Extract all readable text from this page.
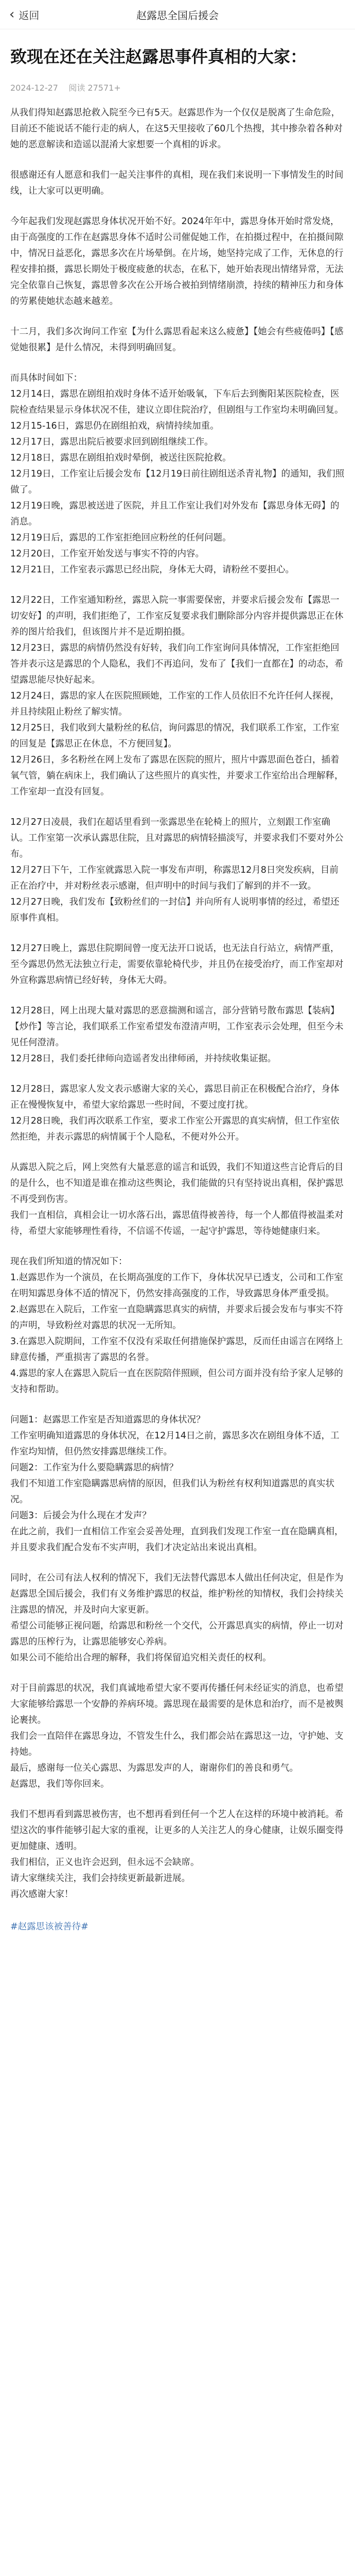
‹ 返回	赵露思全国后援会
致现在还在关注赵露思事件真相的大家：
2024-12-27 阅读 27571+

从我们得知赵露思抢救入院至今已有5天。赵露思作为一个仅仅是脱离了生命危险，目前还不能说话不能行走的病人，在这5天里接收了60几个热搜，其中掺杂着各种对她的恶意解读和造谣以混淆大家想要一个真相的诉求。

很感谢还有人愿意和我们一起关注事件的真相，现在我们来说明一下事情发生的时间线，让大家可以更明确。

今年起我们发现赵露思身体状况开始不好。2024年年中，露思身体开始时常发烧，由于高强度的工作在赵露思身体不适时公司催促她工作，在拍摄过程中，在拍摄间隙中，情况日益恶化，露思多次在片场晕倒。在片场，她坚持完成了工作，无休息的行程安排拍摄，露思长期处于极度疲惫的状态，在私下，她开始表现出情绪异常，无法完全依靠自己恢复，露思曾多次在公开场合被拍到情绪崩溃，持续的精神压力和身体的劳累使她状态越来越差。

十二月，我们多次询问工作室【为什么露思看起来这么疲惫】【她会有些疲倦吗】【感觉她很累】是什么情况，未得到明确回复。

而具体时间如下：
12月14日，露思在剧组拍戏时身体不适开始吸氧，下车后去到衡阳某医院检查，医院检查结果显示身体状况不佳，建议立即住院治疗，但剧组与工作室均未明确回复。
12月15-16日，露思仍在剧组拍戏，病情持续加重。
12月17日，露思出院后被要求回到剧组继续工作。
12月18日，露思在剧组拍戏时晕倒，被送往医院抢救。
12月19日，工作室让后援会发布【12月19日前往剧组送杀青礼物】的通知，我们照做了。
12月19日晚，露思被送进了医院，并且工作室让我们对外发布【露思身体无碍】的消息。
12月19日后，露思的工作室拒绝回应粉丝的任何问题。
12月20日，工作室开始发送与事实不符的内容。
12月21日，工作室表示露思已经出院，身体无大碍，请粉丝不要担心。

12月22日，工作室通知粉丝，露思入院一事需要保密，并要求后援会发布【露思一切安好】的声明，我们拒绝了，工作室反复要求我们删除部分内容并提供露思正在休养的图片给我们，但该图片并不是近期拍摄。
12月23日，露思的病情仍然没有好转，我们向工作室询问具体情况，工作室拒绝回答并表示这是露思的个人隐私，我们不再追问，发布了【我们一直都在】的动态，希望露思能尽快好起来。
12月24日，露思的家人在医院照顾她，工作室的工作人员依旧不允许任何人探视，并且持续阻止粉丝了解实情。
12月25日，我们收到大量粉丝的私信，询问露思的情况，我们联系工作室，工作室的回复是【露思正在休息，不方便回复】。
12月26日，多名粉丝在网上发布了露思在医院的照片，照片中露思面色苍白，插着氧气管，躺在病床上，我们确认了这些照片的真实性，并要求工作室给出合理解释，工作室却一直没有回复。

12月27日凌晨，我们在超话里看到一张露思坐在轮椅上的照片，立刻跟工作室确认。工作室第一次承认露思住院，且对露思的病情轻描淡写，并要求我们不要对外公布。
12月27日下午，工作室就露思入院一事发布声明，称露思12月8日突发疾病，目前正在治疗中，并对粉丝表示感谢，但声明中的时间与我们了解到的并不一致。
12月27日晚，我们发布【致粉丝们的一封信】并向所有人说明事情的经过，希望还原事件真相。

12月27日晚上，露思住院期间曾一度无法开口说话，也无法自行站立，病情严重，至今露思仍然无法独立行走，需要依靠轮椅代步，并且仍在接受治疗，而工作室却对外宣称露思病情已经好转，身体无大碍。

12月28日，网上出现大量对露思的恶意揣测和谣言，部分营销号散布露思【装病】【炒作】等言论，我们联系工作室希望发布澄清声明，工作室表示会处理，但至今未见任何澄清。
12月28日，我们委托律师向造谣者发出律师函，并持续收集证据。

12月28日，露思家人发文表示感谢大家的关心，露思目前正在积极配合治疗，身体正在慢慢恢复中，希望大家给露思一些时间，不要过度打扰。
12月28日晚，我们再次联系工作室，要求工作室公开露思的真实病情，但工作室依然拒绝，并表示露思的病情属于个人隐私，不便对外公开。

从露思入院之后，网上突然有大量恶意的谣言和诋毁，我们不知道这些言论背后的目的是什么，也不知道是谁在推动这些舆论，我们能做的只有坚持说出真相，保护露思不再受到伤害。
我们一直相信，真相会让一切水落石出，露思值得被善待，每一个人都值得被温柔对待，希望大家能够理性看待，不信谣不传谣，一起守护露思，等待她健康归来。

现在我们所知道的情况如下：
1.赵露思作为一个演员，在长期高强度的工作下，身体状况早已透支，公司和工作室在明知露思身体不适的情况下，仍然安排高强度的工作，导致露思身体严重受损。
2.赵露思在入院后，工作室一直隐瞒露思真实的病情，并要求后援会发布与事实不符的声明，导致粉丝对露思的状况一无所知。
3.在露思入院期间，工作室不仅没有采取任何措施保护露思，反而任由谣言在网络上肆意传播，严重损害了露思的名誉。
4.露思的家人在露思入院后一直在医院陪伴照顾，但公司方面并没有给予家人足够的支持和帮助。

问题1：赵露思工作室是否知道露思的身体状况？
工作室明确知道露思的身体状况，在12月14日之前，露思多次在剧组身体不适，工作室均知情，但仍然安排露思继续工作。
问题2：工作室为什么要隐瞒露思的病情？
我们不知道工作室隐瞒露思病情的原因，但我们认为粉丝有权利知道露思的真实状况。
问题3：后援会为什么现在才发声？
在此之前，我们一直相信工作室会妥善处理，直到我们发现工作室一直在隐瞒真相，并且要求我们配合发布不实声明，我们才决定站出来说出真相。

同时，在公司有法人权利的情况下，我们无法替代露思本人做出任何决定，但是作为赵露思全国后援会，我们有义务维护露思的权益，维护粉丝的知情权，我们会持续关注露思的情况，并及时向大家更新。
希望公司能够正视问题，给露思和粉丝一个交代，公开露思真实的病情，停止一切对露思的压榨行为，让露思能够安心养病。
如果公司不能给出合理的解释，我们将保留追究相关责任的权利。

对于目前露思的状况，我们真诚地希望大家不要再传播任何未经证实的消息，也希望大家能够给露思一个安静的养病环境。露思现在最需要的是休息和治疗，而不是被舆论裹挟。
我们会一直陪伴在露思身边，不管发生什么，我们都会站在露思这一边，守护她、支持她。
最后，感谢每一位关心露思、为露思发声的人，谢谢你们的善良和勇气。
赵露思，我们等你回来。

我们不想再看到露思被伤害，也不想再看到任何一个艺人在这样的环境中被消耗。希望这次的事件能够引起大家的重视，让更多的人关注艺人的身心健康，让娱乐圈变得更加健康、透明。
我们相信，正义也许会迟到，但永远不会缺席。
请大家继续关注，我们会持续更新最新进展。
再次感谢大家！

#赵露思该被善待#
